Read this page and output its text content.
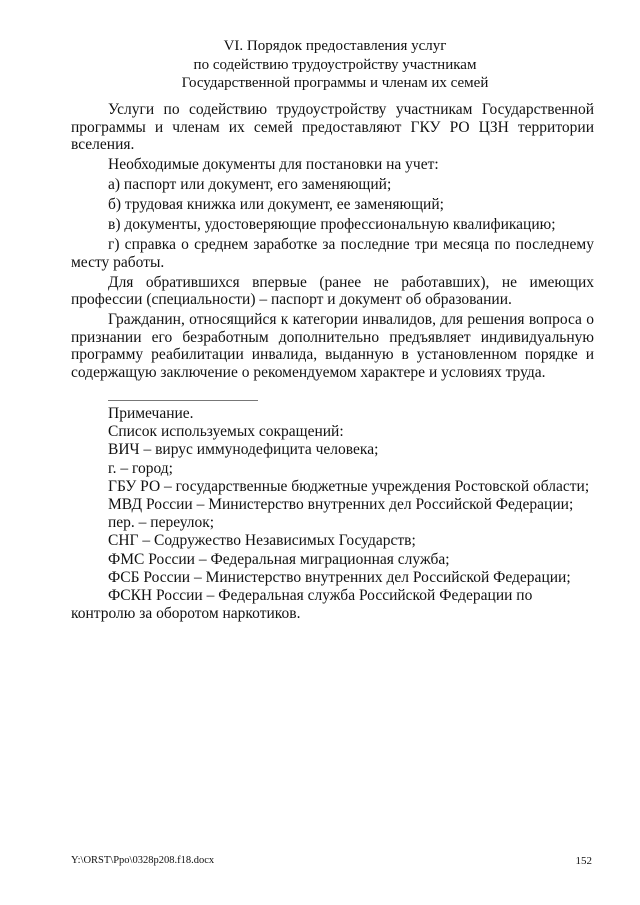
VI. Порядок предоставления услуг
по содействию трудоустройству участникам
Государственной программы и членам их семей

Услуги по содействию трудоустройству участникам Государственной программы и членам их семей предоставляют ГКУ РО ЦЗН территории вселения.

Необходимые документы для постановки на учет:

а) паспорт или документ, его заменяющий;

б) трудовая книжка или документ, ее заменяющий;

в) документы, удостоверяющие профессиональную квалификацию;

г) справка о среднем заработке за последние три месяца по последнему месту работы.

Для обратившихся впервые (ранее не работавших), не имеющих профессии (специальности) – паспорт и документ об образовании.

Гражданин, относящийся к категории инвалидов, для решения вопроса о признании его безработным дополнительно предъявляет индивидуальную программу реабилитации инвалида, выданную в установленном порядке и содержащую заключение о рекомендуемом характере и условиях труда.

Примечание.
Список используемых сокращений:
ВИЧ – вирус иммунодефицита человека;
г. – город;
ГБУ РО – государственные бюджетные учреждения Ростовской области;
МВД России – Министерство внутренних дел Российской Федерации;
пер. – переулок;
СНГ – Содружество Независимых Государств;
ФМС России – Федеральная миграционная служба;
ФСБ России – Министерство внутренних дел Российской Федерации;
ФСКН России – Федеральная служба Российской Федерации по контролю за оборотом наркотиков.
Y:\ORST\Ppo\0328p208.f18.docx	152
